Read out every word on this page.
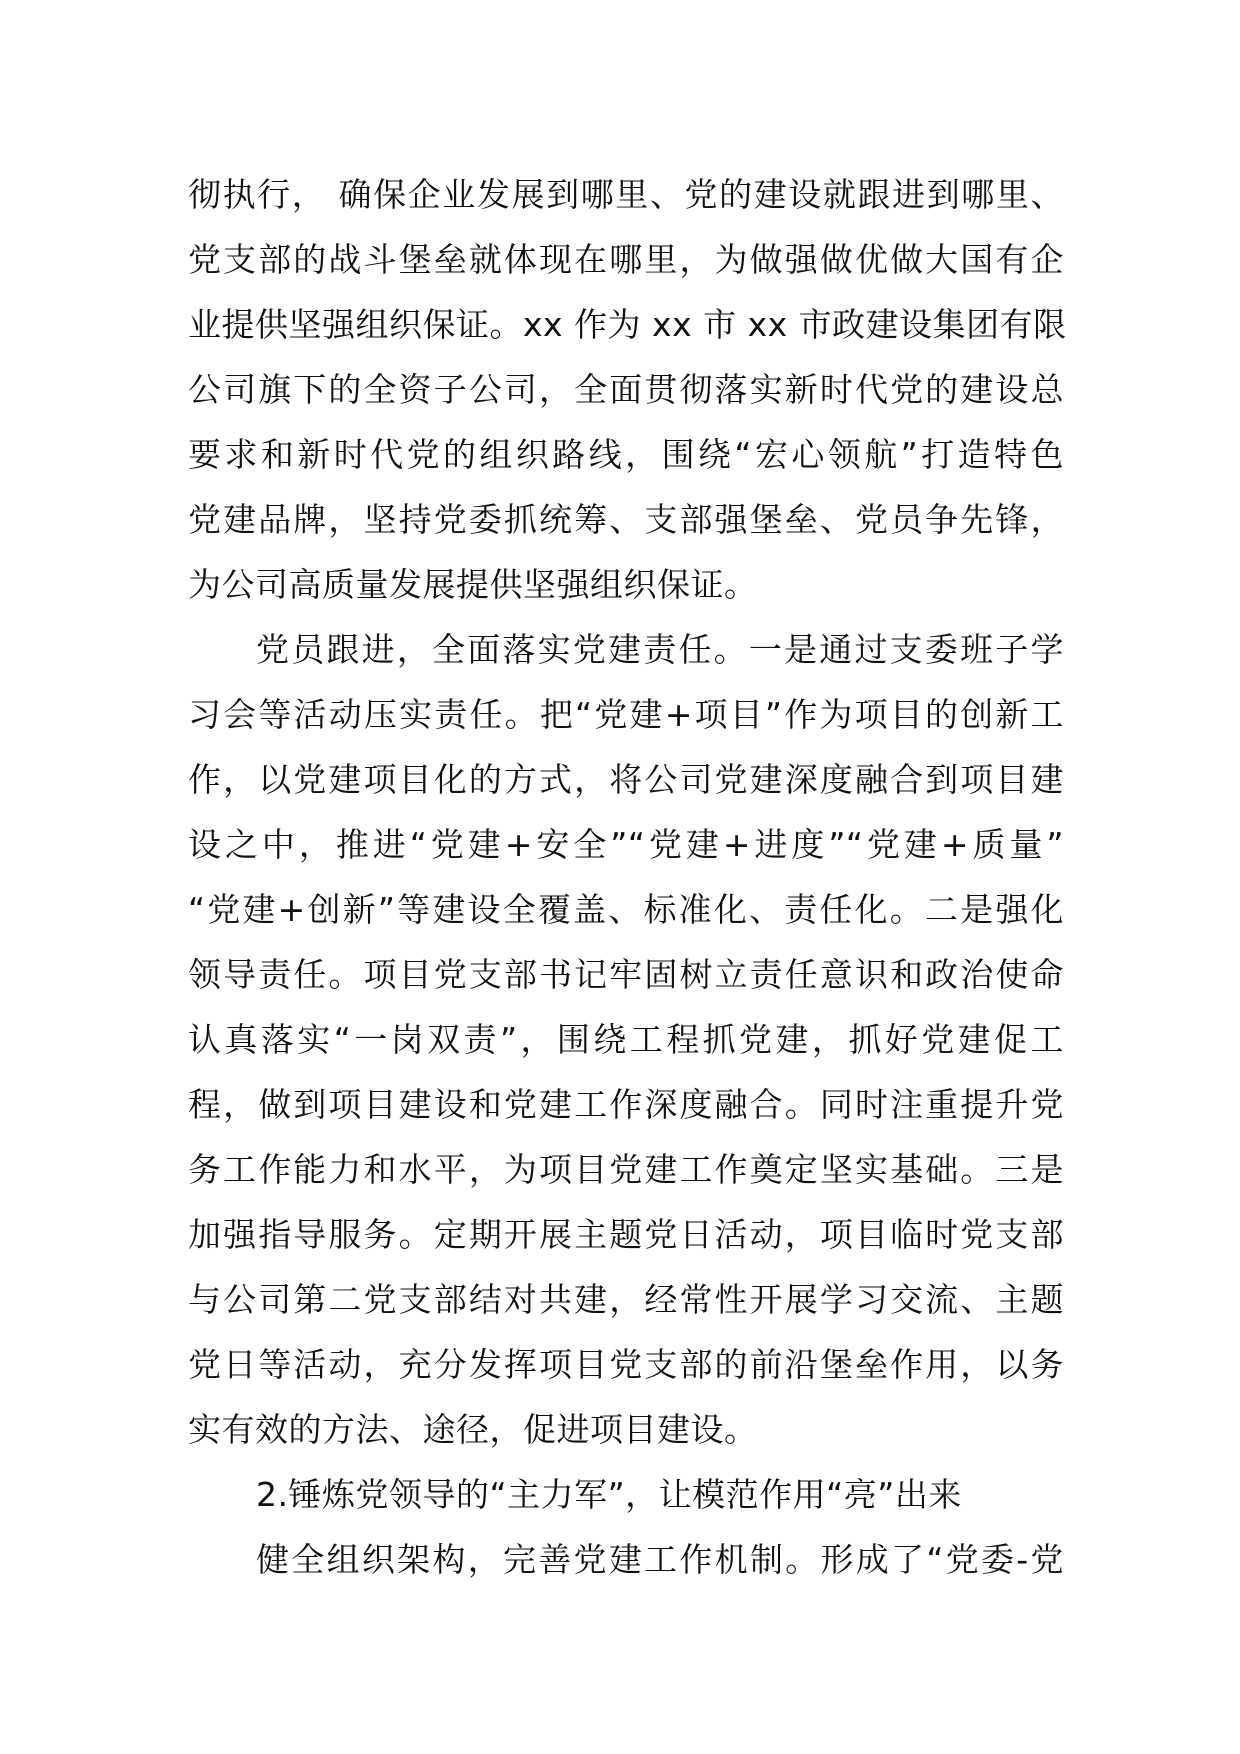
彻执行， 确保企业发展到哪里、党的建设就跟进到哪里、
党支部的战斗堡垒就体现在哪里，为做强做优做大国有企
业提供坚强组织保证。xx 作为 xx 市 xx 市政建设集团有限
公司旗下的全资子公司，全面贯彻落实新时代党的建设总
要求和新时代党的组织路线，围绕“宏心领航”打造特色
党建品牌，坚持党委抓统筹、支部强堡垒、党员争先锋，
为公司高质量发展提供坚强组织保证。
党员跟进，全面落实党建责任。一是通过支委班子学
习会等活动压实责任。把“党建+项目”作为项目的创新工
作，以党建项目化的方式，将公司党建深度融合到项目建
设之中，推进“党建+安全”“党建+进度”“党建+质量”
“党建+创新”等建设全覆盖、标准化、责任化。二是强化
领导责任。项目党支部书记牢固树立责任意识和政治使命
认真落实“一岗双责”，围绕工程抓党建，抓好党建促工
程，做到项目建设和党建工作深度融合。同时注重提升党
务工作能力和水平，为项目党建工作奠定坚实基础。三是
加强指导服务。定期开展主题党日活动，项目临时党支部
与公司第二党支部结对共建，经常性开展学习交流、主题
党日等活动，充分发挥项目党支部的前沿堡垒作用，以务
实有效的方法、途径，促进项目建设。
2.锤炼党领导的“主力军”，让模范作用“亮”出来
健全组织架构，完善党建工作机制。形成了“党委-党
